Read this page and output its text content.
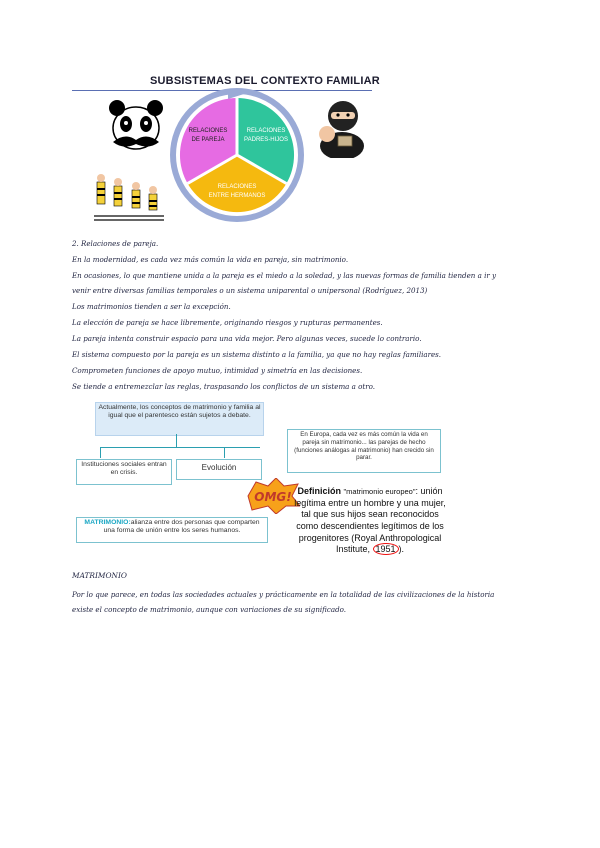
SUBSISTEMAS DEL CONTEXTO FAMILIAR
RELACIONES
DE PAREJA
RELACIONES
PADRES-HIJOS
RELACIONES
ENTRE HERMANOS
2. Relaciones de pareja.
En la modernidad, es cada vez más común la vida en pareja, sin matrimonio.
En ocasiones, lo que mantiene unida a la pareja es el miedo a la soledad, y las nuevas formas de familia tienden a ir y
venir entre diversas familias temporales o un sistema uniparental o unipersonal (Rodríguez, 2013)
Los matrimonios tienden a ser la excepción.
La elección de pareja se hace libremente, originando riesgos y rupturas permanentes.
La pareja intenta construir espacio para una vida mejor. Pero algunas veces, sucede lo contrario.
El sistema compuesto por la pareja es un sistema distinto a la familia, ya que no hay reglas familiares.
Comprometen funciones de apoyo mutuo, intimidad y simetría en las decisiones.
Se tiende a entremezclar las reglas, traspasando los conflictos de un sistema a otro.
Actualmente, los conceptos de matrimonio y familia al igual que el parentesco están sujetos a debate.
Instituciones sociales entran en crisis.
Evolución
MATRIMONIO:alianza entre dos personas que comparten una forma de unión entre los seres humanos.
En Europa, cada vez es más común la vida en pareja sin matrimonio... las parejas de hecho (funciones análogas al matrimonio) han crecido sin parar.
OMG! Definición "matrimonio europeo": unión legítima entre un hombre y una mujer, tal que sus hijos sean reconocidos como descendientes legítimos de los progenitores (Royal Anthropological Institute, 1951 ).
MATRIMONIO
Por lo que parece, en todas las sociedades actuales y prácticamente en la totalidad de las civilizaciones de la historia
existe el concepto de matrimonio, aunque con variaciones de su significado.
